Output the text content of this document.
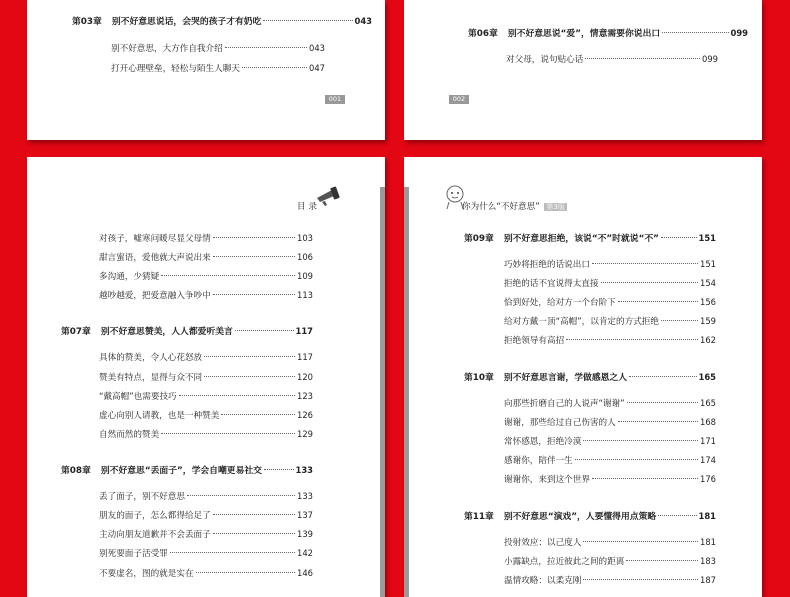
第03章 别不好意思说话，会哭的孩子才有奶吃	043
别不好意思，大方作自我介绍	043
打开心理壁垒，轻松与陌生人聊天	047
001
第06章 别不好意思说“爱”，情意需要你说出口	099
对父母，说句贴心话	099
002
目 录
对孩子，嘘寒问暖尽显父母情	103
甜言蜜语，爱他就大声说出来	106
多沟通，少猜疑	109
越吵越爱，把爱意融入争吵中	113
第07章 别不好意思赞美，人人都爱听美言	117
具体的赞美，令人心花怒放	117
赞美有特点，显得与众不同	120
“戴高帽”也需要技巧	123
虚心向别人请教，也是一种赞美	126
自然而然的赞美	129
第08章 别不好意思“丢面子”，学会自嘲更易社交	133
丢了面子，别不好意思	133
朋友的面子，怎么都得给足了	137
主动向朋友道歉并不会丢面子	139
别死要面子活受罪	142
不要虚名，图的就是实在	146
你为什么“不好意思” 第3版
第09章 别不好意思拒绝，该说“不”时就说“不”	151
巧妙将拒绝的话说出口	151
拒绝的话不宜说得太直接	154
恰到好处，给对方一个台阶下	156
给对方戴一顶“高帽”，以肯定的方式拒绝	159
拒绝领导有高招	162
第10章 别不好意思言谢，学做感恩之人	165
向那些折磨自己的人说声“谢谢”	165
谢谢，那些给过自己伤害的人	168
常怀感恩，拒绝冷漠	171
感谢你，陪伴一生	174
谢谢你，来到这个世界	176
第11章 别不好意思“演戏”，人要懂得用点策略	181
投射效应：以己度人	181
小露缺点，拉近彼此之间的距离	183
温情攻略：以柔克刚	187
